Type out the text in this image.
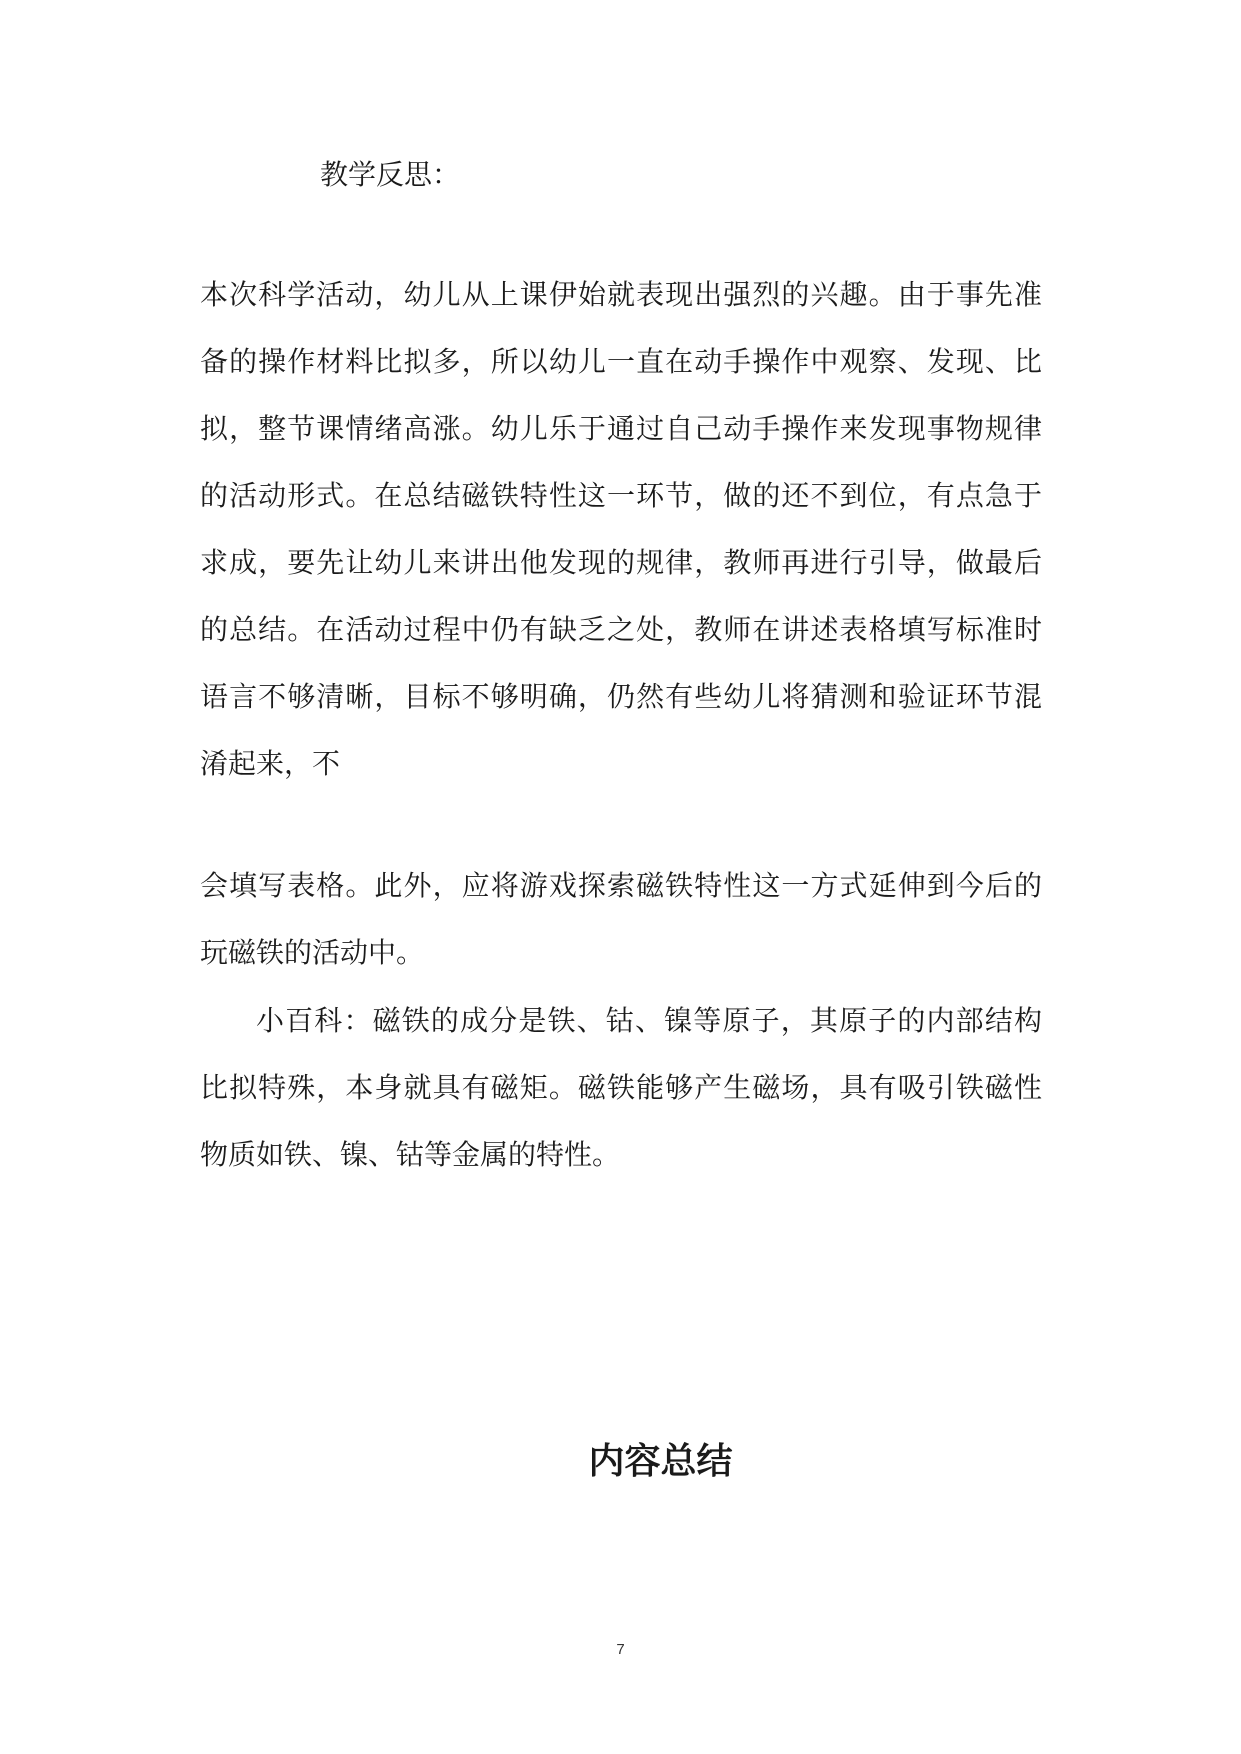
教学反思：
本次科学活动，幼儿从上课伊始就表现出强烈的兴趣。由于事先准
备的操作材料比拟多，所以幼儿一直在动手操作中观察、发现、比
拟，整节课情绪高涨。幼儿乐于通过自己动手操作来发现事物规律
的活动形式。在总结磁铁特性这一环节，做的还不到位，有点急于
求成，要先让幼儿来讲出他发现的规律，教师再进行引导，做最后
的总结。在活动过程中仍有缺乏之处，教师在讲述表格填写标准时
语言不够清晰，目标不够明确，仍然有些幼儿将猜测和验证环节混
淆起来，不
会填写表格。此外，应将游戏探索磁铁特性这一方式延伸到今后的
玩磁铁的活动中。
小百科：磁铁的成分是铁、钴、镍等原子，其原子的内部结构
比拟特殊，本身就具有磁矩。磁铁能够产生磁场，具有吸引铁磁性
物质如铁、镍、钴等金属的特性。
内容总结
7
